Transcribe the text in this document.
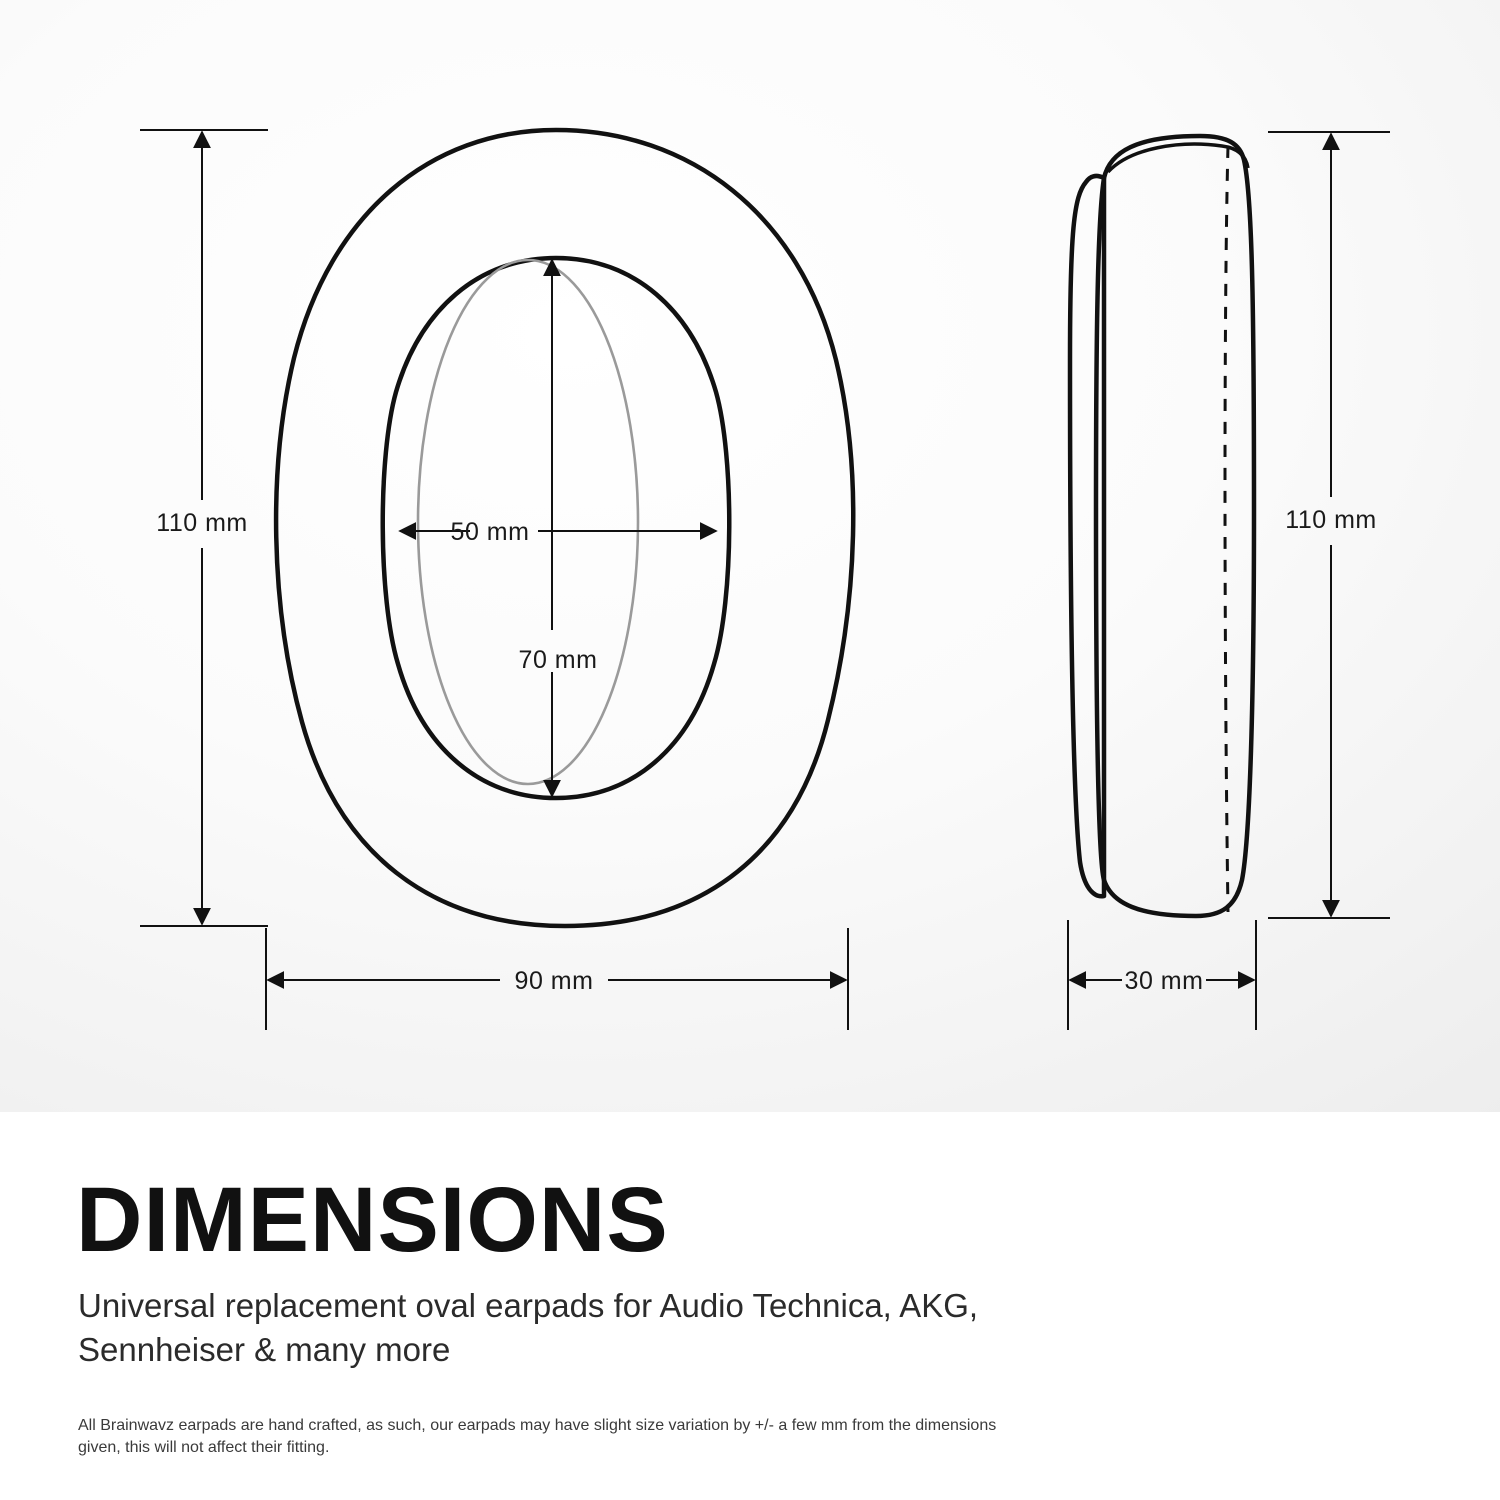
110 mm
90 mm
50 mm
70 mm
110 mm
30 mm
DIMENSIONS
Universal replacement oval earpads for Audio Technica, AKG, Sennheiser & many more
All Brainwavz earpads are hand crafted, as such, our earpads may have slight size variation by +/- a few mm from the dimensions given, this will not affect their fitting.
